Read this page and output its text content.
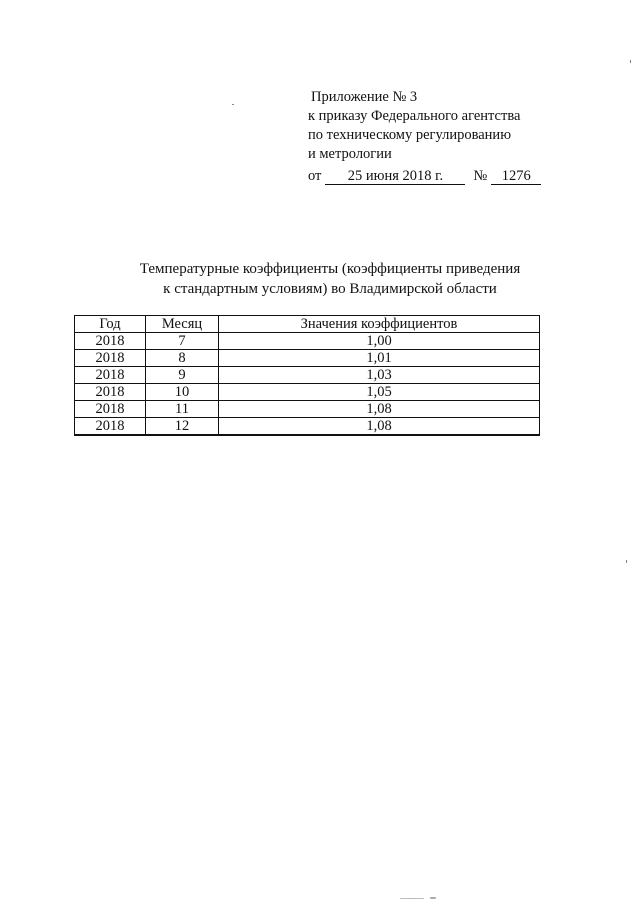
Приложение № 3
к приказу Федерального агентства
по техническому регулированию
и метрологии
от 25 июня 2018 г. № 1276
Температурные коэффициенты (коэффициенты приведения
к стандартным условиям) во Владимирской области
Год	Месяц	Значения коэффициентов
2018	7	1,00
2018	8	1,01
2018	9	1,03
2018	10	1,05
2018	11	1,08
2018	12	1,08
